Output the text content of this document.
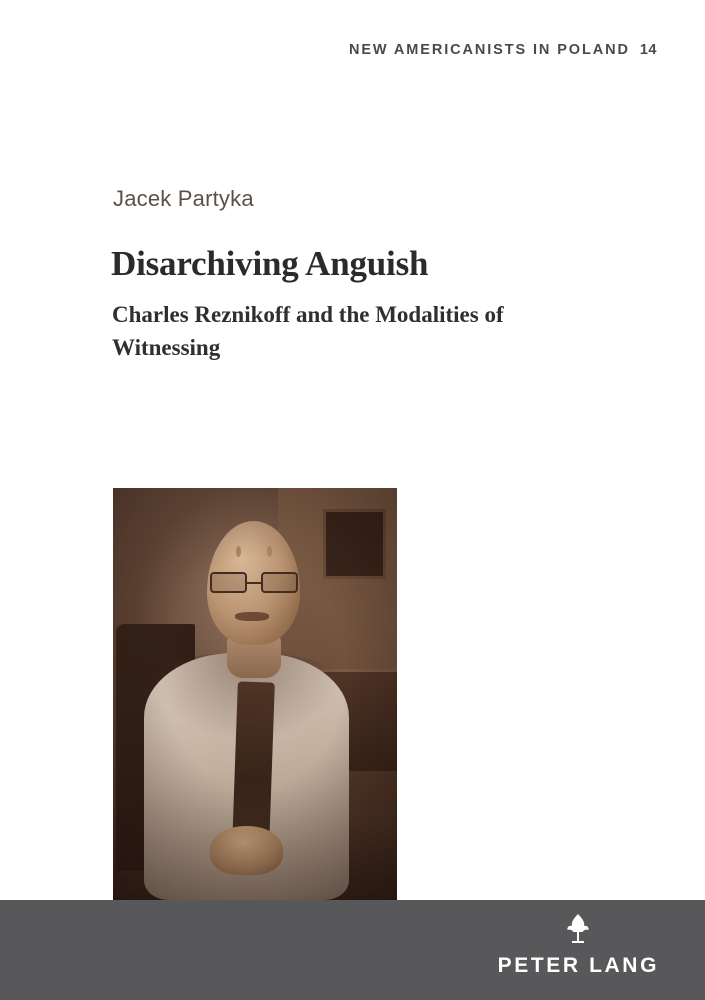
NEW AMERICANISTS IN POLAND 14
Jacek Partyka
Disarchiving Anguish
Charles Reznikoff and the Modalities of Witnessing
PETER LANG
